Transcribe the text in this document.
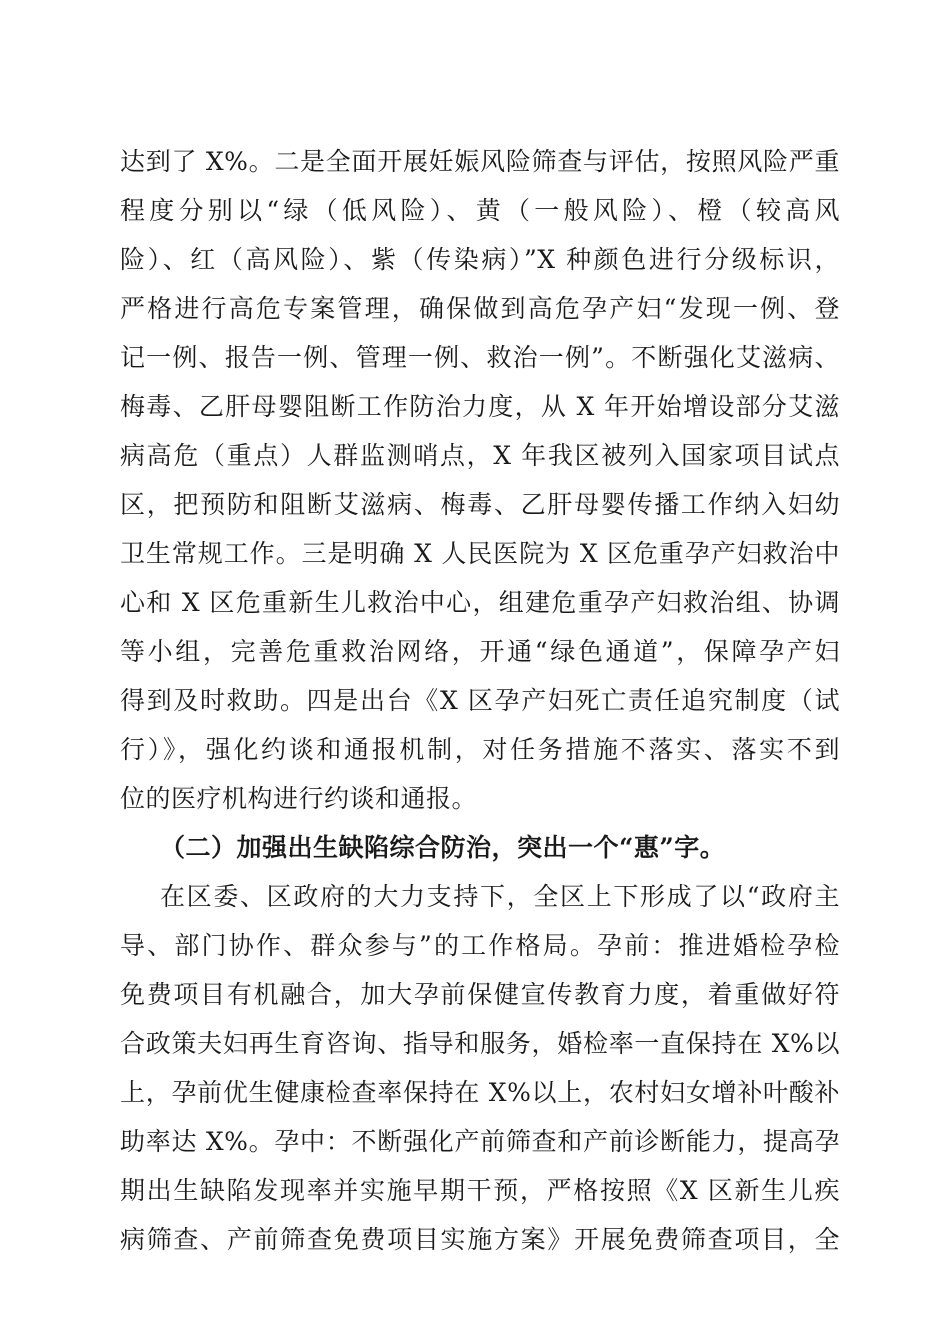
达到了 X%。二是全面开展妊娠风险筛查与评估，按照风险严重
程度分别以“绿（低风险）、黄（一般风险）、橙（较高风
险）、红（高风险）、紫（传染病）”X 种颜色进行分级标识，
严格进行高危专案管理，确保做到高危孕产妇“发现一例、登
记一例、报告一例、管理一例、救治一例”。不断强化艾滋病、
梅毒、乙肝母婴阻断工作防治力度，从 X 年开始增设部分艾滋
病高危（重点）人群监测哨点，X 年我区被列入国家项目试点
区，把预防和阻断艾滋病、梅毒、乙肝母婴传播工作纳入妇幼
卫生常规工作。三是明确 X 人民医院为 X 区危重孕产妇救治中
心和 X 区危重新生儿救治中心，组建危重孕产妇救治组、协调
等小组，完善危重救治网络，开通“绿色通道”，保障孕产妇
得到及时救助。四是出台《X 区孕产妇死亡责任追究制度（试
行）》，强化约谈和通报机制，对任务措施不落实、落实不到
位的医疗机构进行约谈和通报。
（二）加强出生缺陷综合防治，突出一个“惠”字。
在区委、区政府的大力支持下，全区上下形成了以“政府主
导、部门协作、群众参与”的工作格局。孕前：推进婚检孕检
免费项目有机融合，加大孕前保健宣传教育力度，着重做好符
合政策夫妇再生育咨询、指导和服务，婚检率一直保持在 X%以
上，孕前优生健康检查率保持在 X%以上，农村妇女增补叶酸补
助率达 X%。孕中：不断强化产前筛查和产前诊断能力，提高孕
期出生缺陷发现率并实施早期干预，严格按照《X 区新生儿疾
病筛查、产前筛查免费项目实施方案》开展免费筛查项目，全
